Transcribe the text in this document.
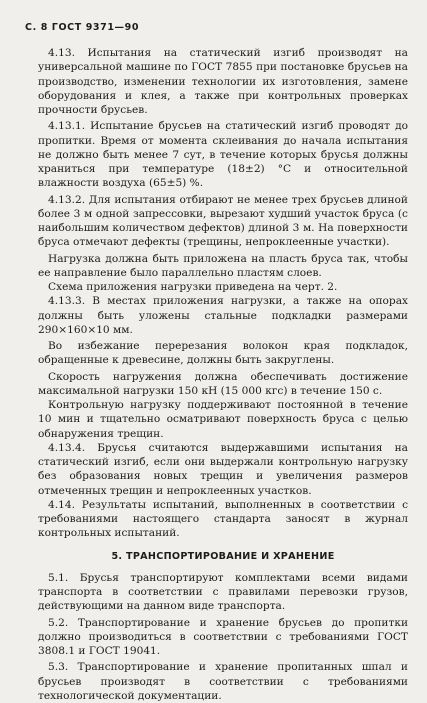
С. 8 ГОСТ 9371—90

4.13. Испытания на статический изгиб производят на универсальной машине по ГОСТ 7855 при постановке брусьев на производство, изменении технологии их изготовления, замене оборудования и клея, а также при контрольных проверках прочности брусьев.

4.13.1. Испытание брусьев на статический изгиб проводят до пропитки. Время от момента склеивания до начала испытания не должно быть менее 7 сут, в течение которых брусья должны храниться при температуре (18±2) °С и относительной влажности воздуха (65±5) %.

4.13.2. Для испытания отбирают не менее трех брусьев длиной более 3 м одной запрессовки, вырезают худший участок бруса (с наибольшим количеством дефектов) длиной 3 м. На поверхности бруса отмечают дефекты (трещины, непроклеенные участки).

Нагрузка должна быть приложена на пласть бруса так, чтобы ее направление было параллельно пластям слоев.

Схема приложения нагрузки приведена на черт. 2.

4.13.3. В местах приложения нагрузки, а также на опорах должны быть уложены стальные подкладки размерами 290×160×10 мм.

Во избежание перерезания волокон края подкладок, обращенные к древесине, должны быть закруглены.

Скорость нагружения должна обеспечивать достижение максимальной нагрузки 150 кН (15 000 кгс) в течение 150 с.

Контрольную нагрузку поддерживают постоянной в течение 10 мин и тщательно осматривают поверхность бруса с целью обнаружения трещин.

4.13.4. Брусья считаются выдержавшими испытания на статический изгиб, если они выдержали контрольную нагрузку без образования новых трещин и увеличения размеров отмеченных трещин и непроклеенных участков.

4.14. Результаты испытаний, выполненных в соответствии с требованиями настоящего стандарта заносят в журнал контрольных испытаний.

5. ТРАНСПОРТИРОВАНИЕ И ХРАНЕНИЕ

5.1. Брусья транспортируют комплектами всеми видами транспорта в соответствии с правилами перевозки грузов, действующими на данном виде транспорта.

5.2. Транспортирование и хранение брусьев до пропитки должно производиться в соответствии с требованиями ГОСТ 3808.1 и ГОСТ 19041.

5.3. Транспортирование и хранение пропитанных шпал и брусьев производят в соответствии с требованиями технологической документации.
